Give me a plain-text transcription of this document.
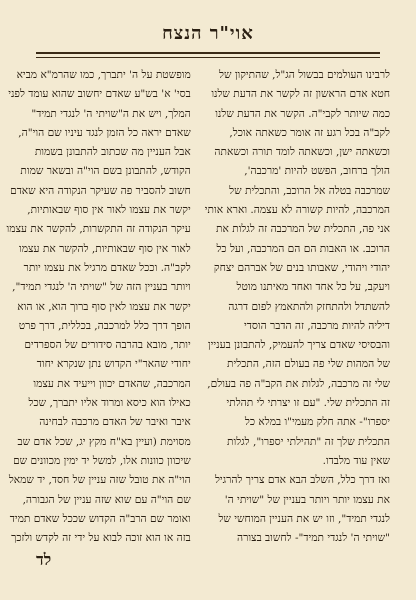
אוי"ר הנצח
לרבינו העולמים בבשול הג"ל, שהתיקון של
חטא אדם הראשון זה לקשר את הדעת שלנו
כמה שיותר לקבי"ה. הקשר את הדעת שלנו
לקב"ה בכל רגע זה אומר כשאתה אוכל,
וכשאתה ישן, וכשאתה לומד תורה וכשאתה
הולך ברחוב, הפשט להיות 'מרכבה',
שמרכבה בטלה אל הרוכב, והתכלית של
המרכבה, להיות קשורה לא עצמה. וארא אותי
אני פה, התכלית של המרכבה זה לגלות את
הרוכב. או האבות הם הם המרכבה, ועל כל
יהודי ויהודי, שאבותו בנים של אברהם יצחק
ויעקב, על כל אחד ואחד מאיתנו מוטל
להשתדל ולהתחזק ולהתאמץ לפום דרגה
דיליה להיות מרכבה, זה הדבר הוסדי
והבסיסי שאדם צריך להעמיק, להתבונן בעניין
של המהות שלי פה בעולם הזה, התכלית
שלי זה מרכבה, לגלות את הקב"ה פה בעולם,
זה התכלית שלי. "עם זו יצרתי לי תהלתי
יספרו"- אתה חלק מעמי"ו במלא כל
התכלית שלך זה "תהילתי יספרו", לגלות
שאין עוד מלבדו.
ואז דרך כלל, השלב הבא אדם צריך להרגיל
את עצמו יותר ויותר בעניין של "שויתי ה'
לנגדי תמיד", וזו יש את העניין המוחשי של
"שויתי ה' לנגדי תמיד"- לחשוב בצורה
מופשטת על ה' יתברך, כמו שהרמ"א מביא
בסי' א' בש"ע שאדם יחשוב שהוא עומד לפני
המלך, ויש את ה"שויתי ה' לנגדי תמיד"
שאדם יראה כל הזמן לנגד עיניו שם הוי"ה,
אבל העניין מה שכתוב להתבונן בשמות
הקודש, להתבונן בשם הוי"ה ובשאר שמות
חשוב להסביר פה שעיקר הנקודה היא שאדם
יקשר את עצמו לאור אין סוף שבאותיות,
עיקר הנקודה זה התקשרות, להקשר את עצמו
לאור אין סוף שבאותיות, להקשר את עצמו
לקב"ה. וככל שאדם מרגיל את עצמו יותר
ויותר בעניין הזה של "שויתי ה' לנגדי תמיד",
יקשר את עצמו לאין סוף ברוך הוא, או הוא
הופך דרך כלל למרכבה, בכללית, דרך פרט
יותר, מובא בהרבה סידורים של הספרדים
יחודי שהאר"י הקדוש נתן שנקרא יחוד
המרכבה, שהאדם יכוון וייעיד את עצמו
כאילו הוא כיסא ומרוד אליו יתברך, שכל
איבר ואיבר של האדם מרכבה לבחינה
מסוימת (ועיין בא"ח מקץ יג, שכל אדם שב
שיכוון כוונות אלו, למשל יד ימין מכוונים שם
הוי"ה את טובל שזה עניין של חסד, יד שמאל
שם הוי"ה עם שוא שזה עניין של הגבורה,
ואומר שם הרב"ה הקדוש שככל שאדם תמיד
בזה או הוא זוכה לבוא על ידי זה לקדש ולזכך
לד
